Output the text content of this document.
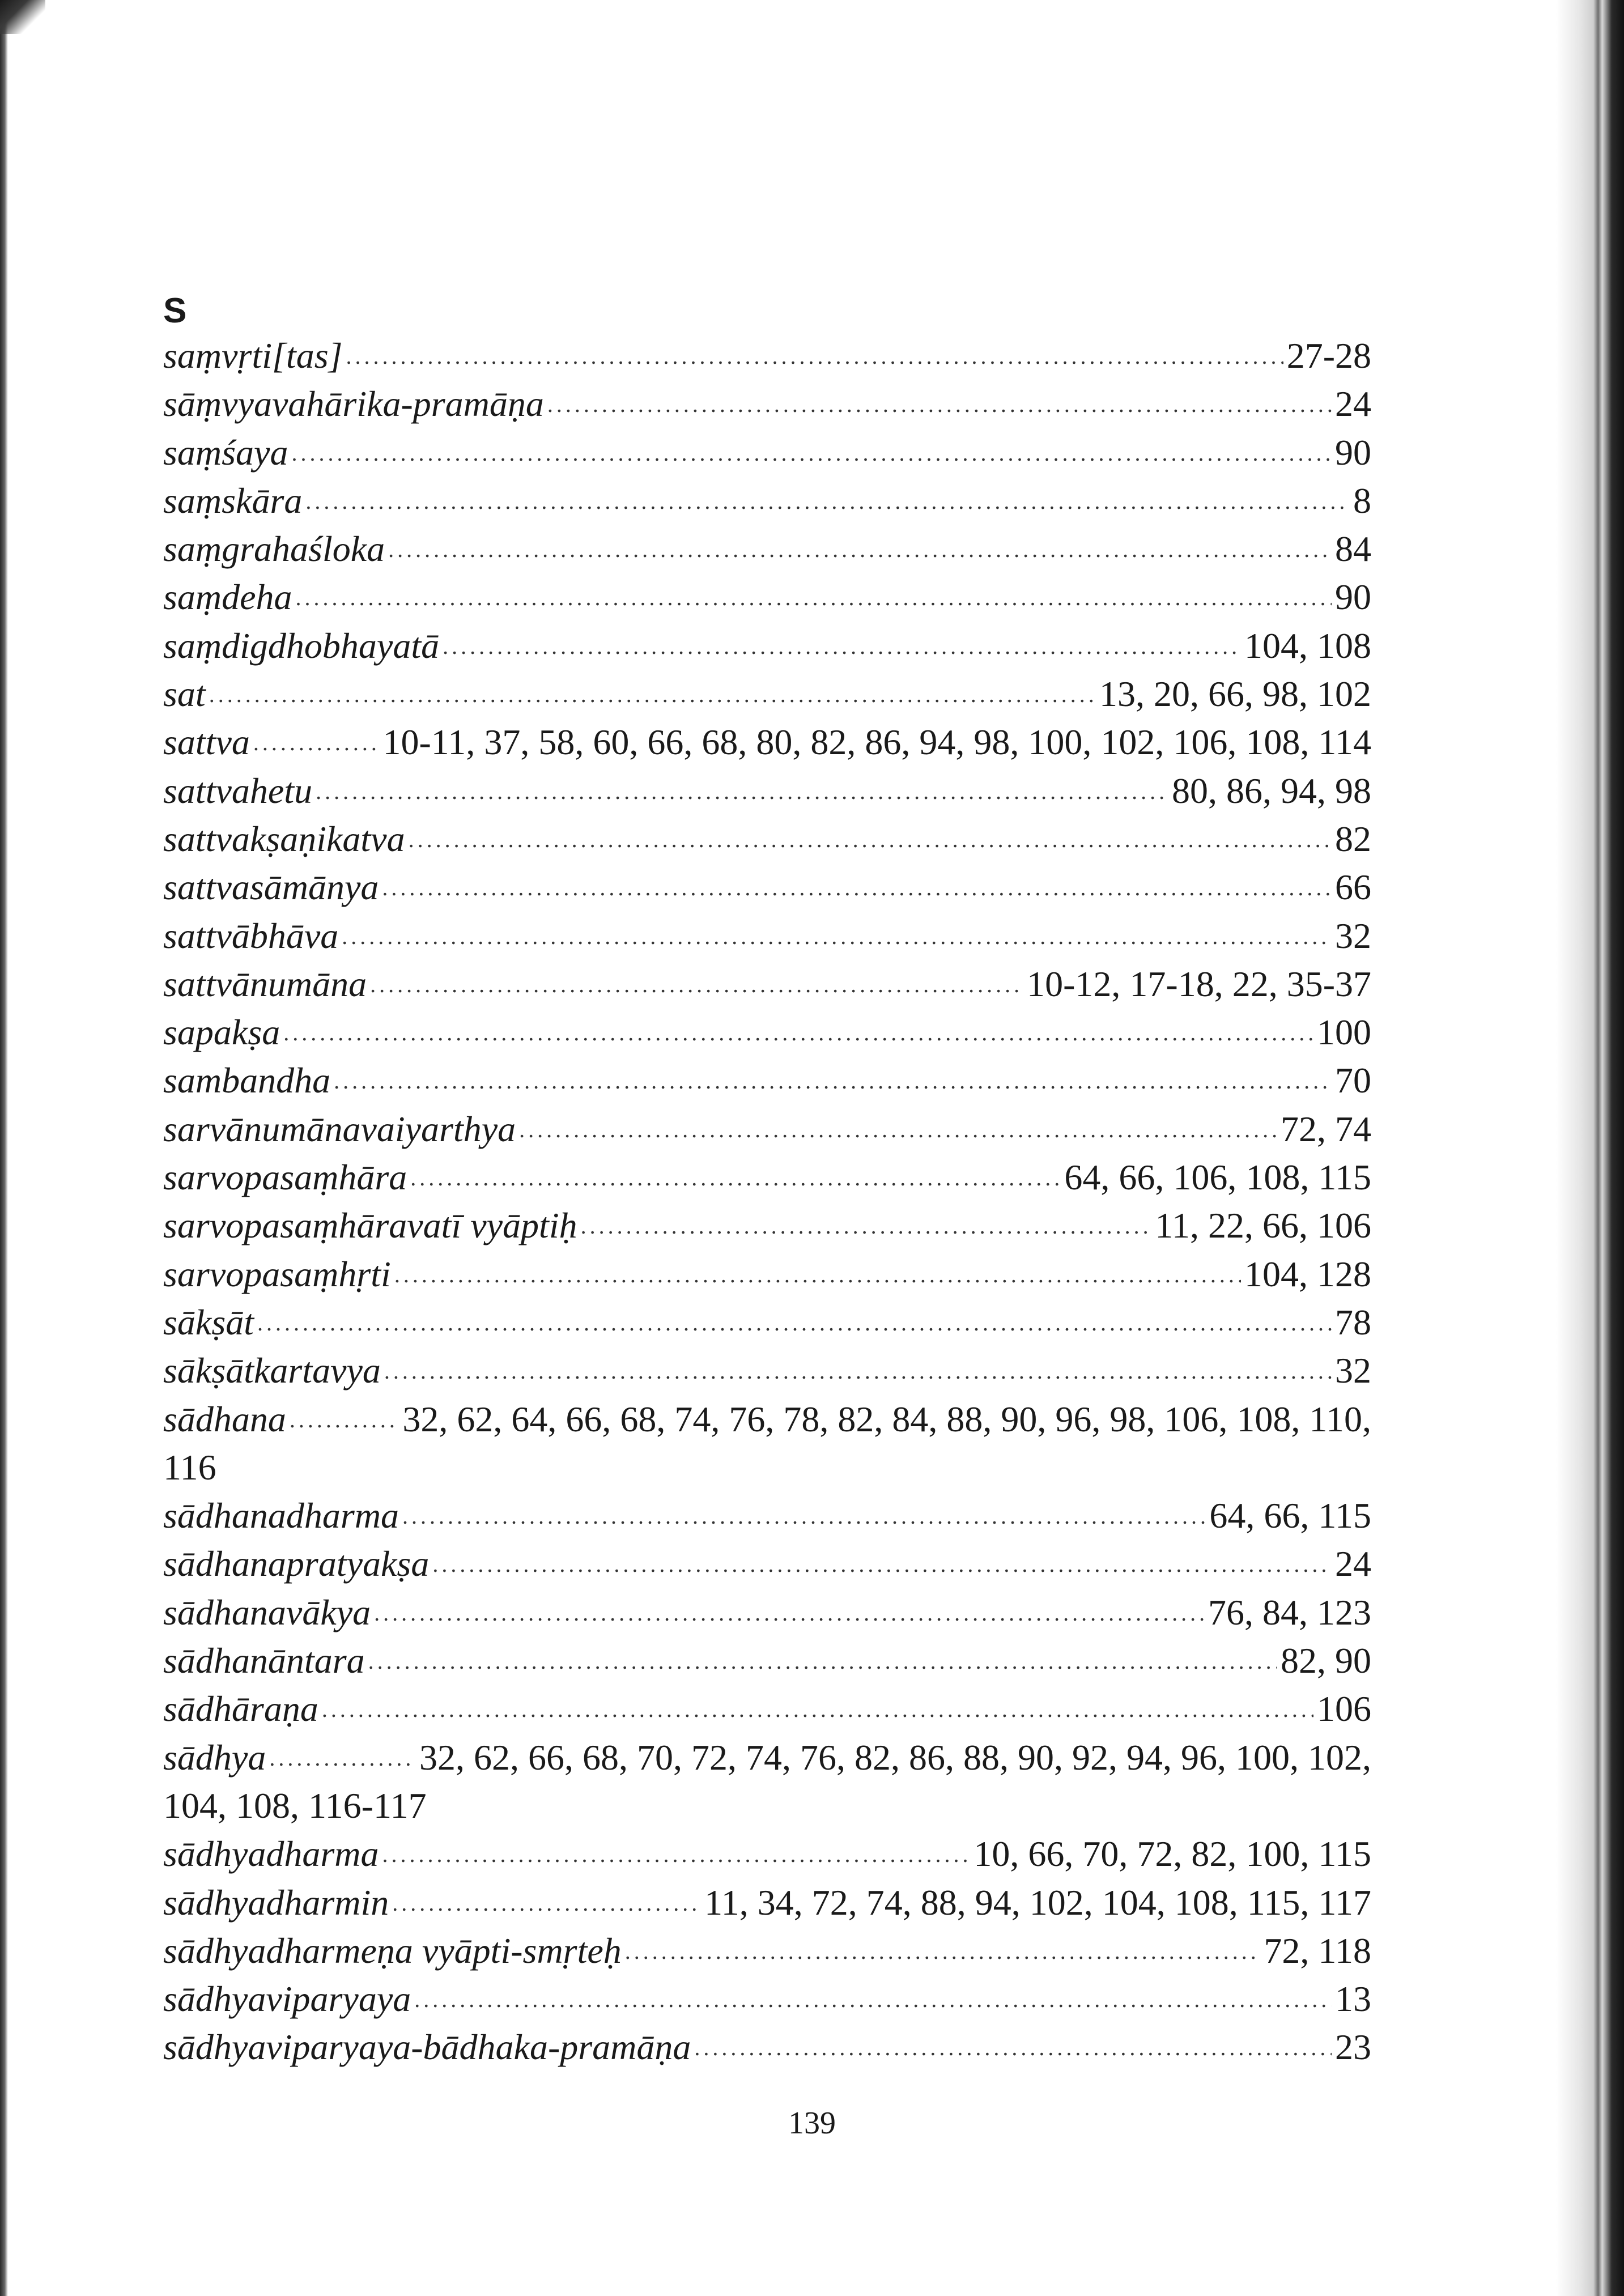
S
saṃvṛti[tas] . . .	27-28
sāṃvyavahārika-pramāṇa . . .	24
saṃśaya . . .	90
saṃskāra . . .	8
saṃgrahaśloka . . .	84
saṃdeha . . .	90
saṃdigdhobhayatā . . .	104, 108
sat . . .	13, 20, 66, 98, 102
sattva . . .	10-11, 37, 58, 60, 66, 68, 80, 82, 86, 94, 98, 100, 102, 106, 108, 114
sattvahetu . . .	80, 86, 94, 98
sattvakṣaṇikatva . . .	82
sattvasāmānya . . .	66
sattvābhāva . . .	32
sattvānumāna . . .	10-12, 17-18, 22, 35-37
sapakṣa . . .	100
sambandha . . .	70
sarvānumānavaiyarthya . . .	72, 74
sarvopasaṃhāra . . .	64, 66, 106, 108, 115
sarvopasaṃhāravatī vyāptiḥ . . .	11, 22, 66, 106
sarvopasaṃhṛti . . .	104, 128
sākṣāt . . .	78
sākṣātkartavya . . .	32
sādhana . . .	32, 62, 64, 66, 68, 74, 76, 78, 82, 84, 88, 90, 96, 98, 106, 108, 110,
116
sādhanadharma . . .	64, 66, 115
sādhanapratyakṣa . . .	24
sādhanavākya . . .	76, 84, 123
sādhanāntara . . .	82, 90
sādhāraṇa . . .	106
sādhya . . .	32, 62, 66, 68, 70, 72, 74, 76, 82, 86, 88, 90, 92, 94, 96, 100, 102,
104, 108, 116-117
sādhyadharma . . .	10, 66, 70, 72, 82, 100, 115
sādhyadharmin . . .	11, 34, 72, 74, 88, 94, 102, 104, 108, 115, 117
sādhyadharmeṇa vyāpti-smṛteḥ . . .	72, 118
sādhyaviparyaya . . .	13
sādhyaviparyaya-bādhaka-pramāṇa . . .	23
139
